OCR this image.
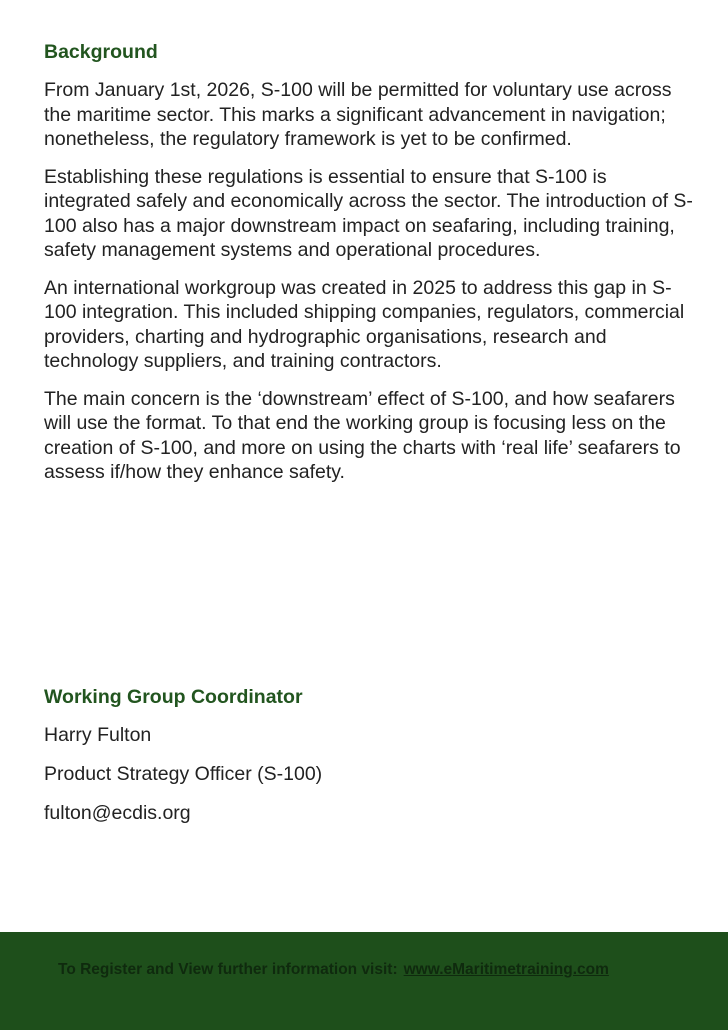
Background

From January 1st, 2026, S-100 will be permitted for voluntary use across the maritime sector. This marks a significant advancement in navigation; nonetheless, the regulatory framework is yet to be confirmed.

Establishing these regulations is essential to ensure that S-100 is integrated safely and economically across the sector. The introduction of S-100 also has a major downstream impact on seafaring, including training, safety management systems and operational procedures.

An international workgroup was created in 2025 to address this gap in S-100 integration. This included shipping companies, regulators, commercial providers, charting and hydrographic organisations, research and technology suppliers, and training contractors.

The main concern is the ‘downstream’ effect of S-100, and how seafarers will use the format. To that end the working group is focusing less on the creation of S-100, and more on using the charts with ‘real life’ seafarers to assess if/how they enhance safety.

Working Group Coordinator
Harry Fulton
Product Strategy Officer (S-100)
fulton@ecdis.org
To Register and View further information visit: www.eMaritimetraining.com
